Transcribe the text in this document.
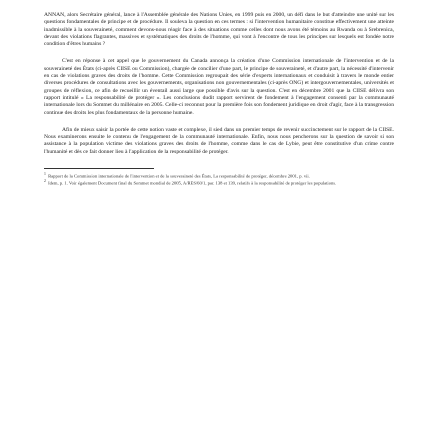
ANNAN, alors Secrétaire général, lance à l'Assemblée générale des Nations Unies, en 1999 puis en 2000, un défi dans le but d'atteindre une unité sur les questions fondamentales de principe et de procédure. Il souleva la question en ces termes : si l'intervention humanitaire constitue effectivement une atteinte inadmissible à la souveraineté, comment devons-nous réagir face à des situations comme celles dont nous avons été témoins au Rwanda ou à Srebrenica, devant des violations flagrantes, massives et systématiques des droits de l'homme, qui vont à l'encontre de tous les principes sur lesquels est fondée notre condition d'êtres humains ?

C'est en réponse à cet appel que le gouvernement du Canada annonça la création d'une Commission internationale de l'intervention et de la souveraineté des États (ci-après CIISE ou Commission), chargée de concilier d'une part, le principe de souveraineté, et d'autre part, la nécessité d'intervenir en cas de violations graves des droits de l'homme. Cette Commission regroupait des série d'experts internationaux et conduisit à travers le monde entier diverses procédures de consultations avec les gouvernements, organisations non gouvernementales (ci-après ONG) et intergouvernementales, universités et groupes de réflexion, ce afin de recueillir un éventail aussi large que possible d'avis sur la question. C'est en décembre 2001 que la CIISE délivra son rapport intitulé « La responsabilité de protéger ». Les conclusions dudit rapport servirent de fondement à l'engagement consenti par la communauté internationale lors du Sommet du millénaire en 2005. Celle-ci reconnut pour la première fois son fondement juridique en droit d'agir, face à la transgression continue des droits les plus fondamentaux de la personne humaine.

Afin de mieux saisir la portée de cette notion vaste et complexe, il sied dans un premier temps de revenir succinctement sur le rapport de la CIISE. Nous examinerons ensuite le contenu de l'engagement de la communauté internationale. Enfin, nous nous pencherons sur la question de savoir si son assistance à la population victime des violations graves des droits de l'homme, comme dans le cas de Lybie, peut être constitutive d'un crime contre l'humanité et dès ce fait donner lieu à l'application de la responsabilité de protéger.

$^1$ Rapport de la Commission internationale de l'intervention et de la souveraineté des États, La responsabilité de protéger, décembre 2001, p. vii.

$^2$ Idem, p. 1. Voir également Document final du Sommet mondial de 2005, A/RES/60/1, par. 138 et 139, relatifs à la responsabilité de protéger les populations.
